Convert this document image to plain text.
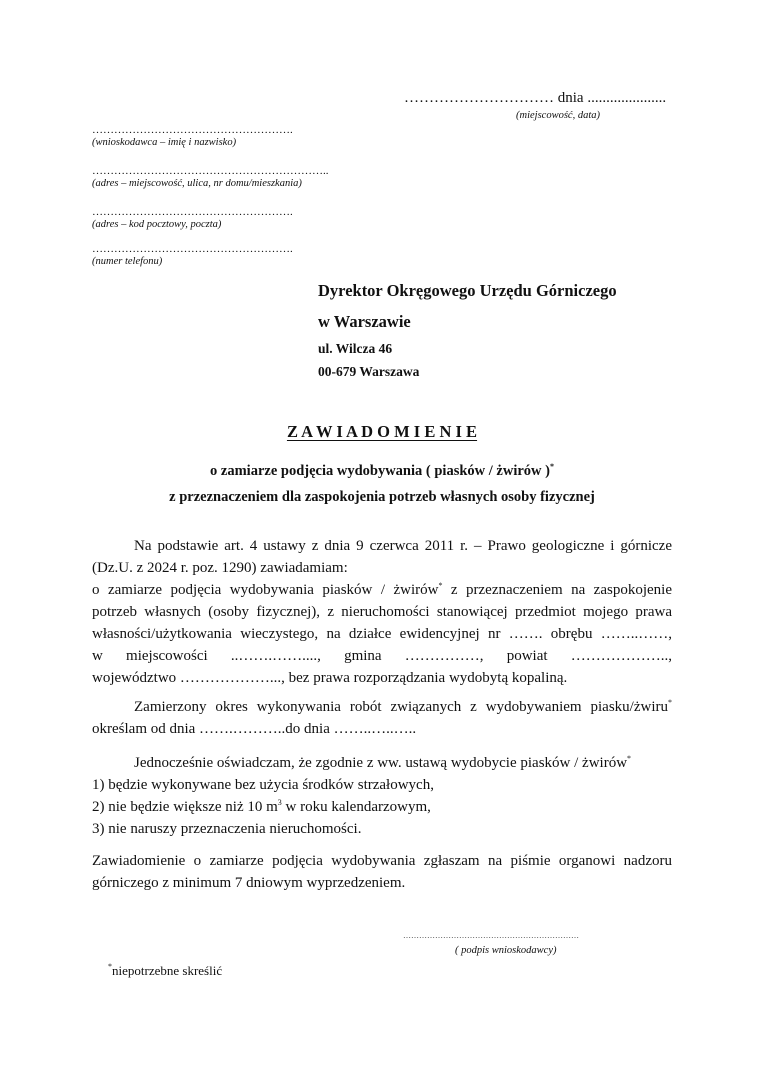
………………………… dnia .....................
(miejscowość, data)
……………………………………………….
(wnioskodawca – imię i nazwisko)
………………………………………………………..
(adres – miejscowość, ulica, nr domu/mieszkania)
……………………………………………….
(adres – kod pocztowy, poczta)
……………………………………………….
(numer telefonu)
Dyrektor Okręgowego Urzędu Górniczego
w Warszawie
ul. Wilcza 46
00-679 Warszawa
Z A W I A D O M I E N I E
o zamiarze podjęcia wydobywania ( piasków / żwirów )*
z przeznaczeniem dla zaspokojenia potrzeb własnych osoby fizycznej
Na podstawie art. 4 ustawy z dnia 9 czerwca 2011 r. – Prawo geologiczne i górnicze
(Dz.U. z 2024 r. poz. 1290) zawiadamiam:
o zamiarze podjęcia wydobywania piasków / żwirów* z przeznaczeniem na zaspokojenie
potrzeb własnych (osoby fizycznej), z nieruchomości stanowiącej przedmiot mojego prawa
własności/użytkowania wieczystego, na działce ewidencyjnej nr ……. obrębu ……..……,
w miejscowości ..…….……...., gmina ……………, powiat ………………..,
województwo ………………..., bez prawa rozporządzania wydobytą kopaliną.
Zamierzony okres wykonywania robót związanych z wydobywaniem piasku/żwiru*
określam od dnia …….………..do dnia ……..…..…..
Jednocześnie oświadczam, że zgodnie z ww. ustawą wydobycie piasków / żwirów*
1) będzie wykonywane bez użycia środków strzałowych,
2) nie będzie większe niż 10 $m^3$ w roku kalendarzowym,
3) nie naruszy przeznaczenia nieruchomości.
Zawiadomienie o zamiarze podjęcia wydobywania zgłaszam na piśmie organowi nadzoru
górniczego z minimum 7 dniowym wyprzedzeniem.
…………………………………………………………
( podpis wnioskodawcy)
*niepotrzebne skreślić
